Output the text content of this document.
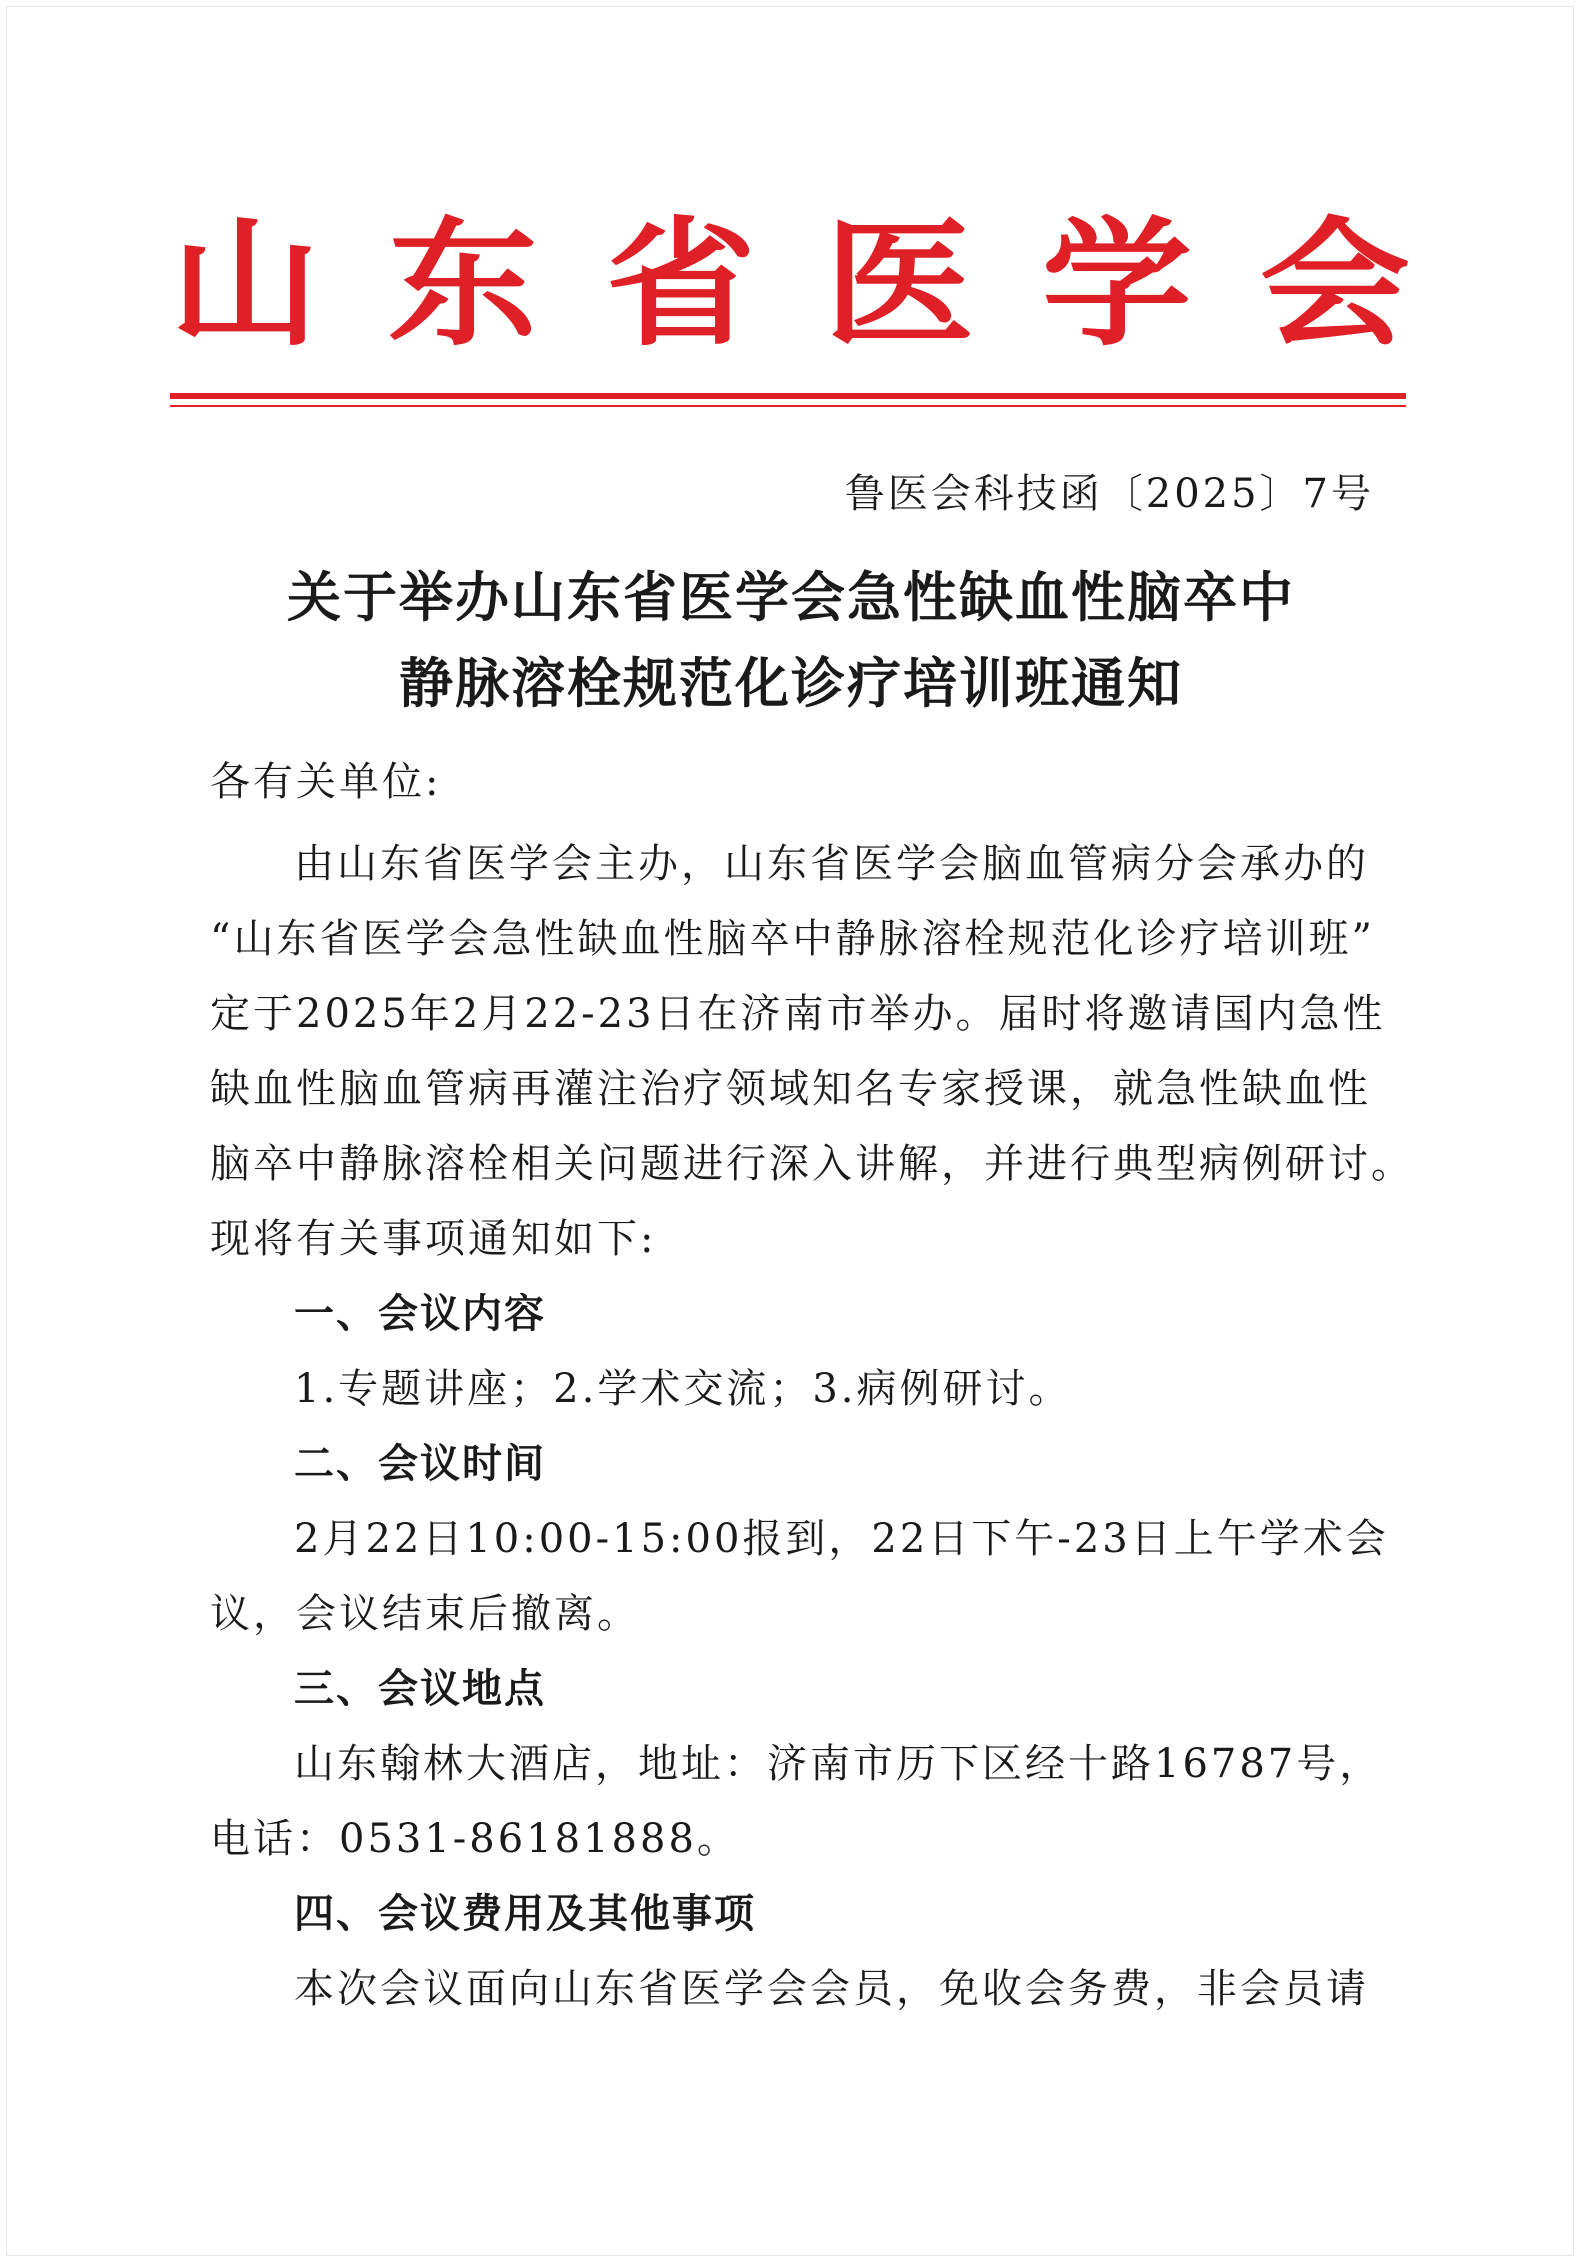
山 东 省 医 学 会
鲁医会科技函〔2025〕7号
关于举办山东省医学会急性缺血性脑卒中
静脉溶栓规范化诊疗培训班通知
各有关单位:
由山东省医学会主办，山东省医学会脑血管病分会承办的
“山东省医学会急性缺血性脑卒中静脉溶栓规范化诊疗培训班”
定于2025年2月22-23日在济南市举办。届时将邀请国内急性
缺血性脑血管病再灌注治疗领域知名专家授课，就急性缺血性
脑卒中静脉溶栓相关问题进行深入讲解，并进行典型病例研讨。
现将有关事项通知如下:
一、会议内容
1.专题讲座；2.学术交流；3.病例研讨。
二、会议时间
2月22日10:00-15:00报到，22日下午-23日上午学术会
议，会议结束后撤离。
三、会议地点
山东翰林大酒店，地址：济南市历下区经十路16787号，
电话：0531-86181888。
四、会议费用及其他事项
本次会议面向山东省医学会会员，免收会务费，非会员请
